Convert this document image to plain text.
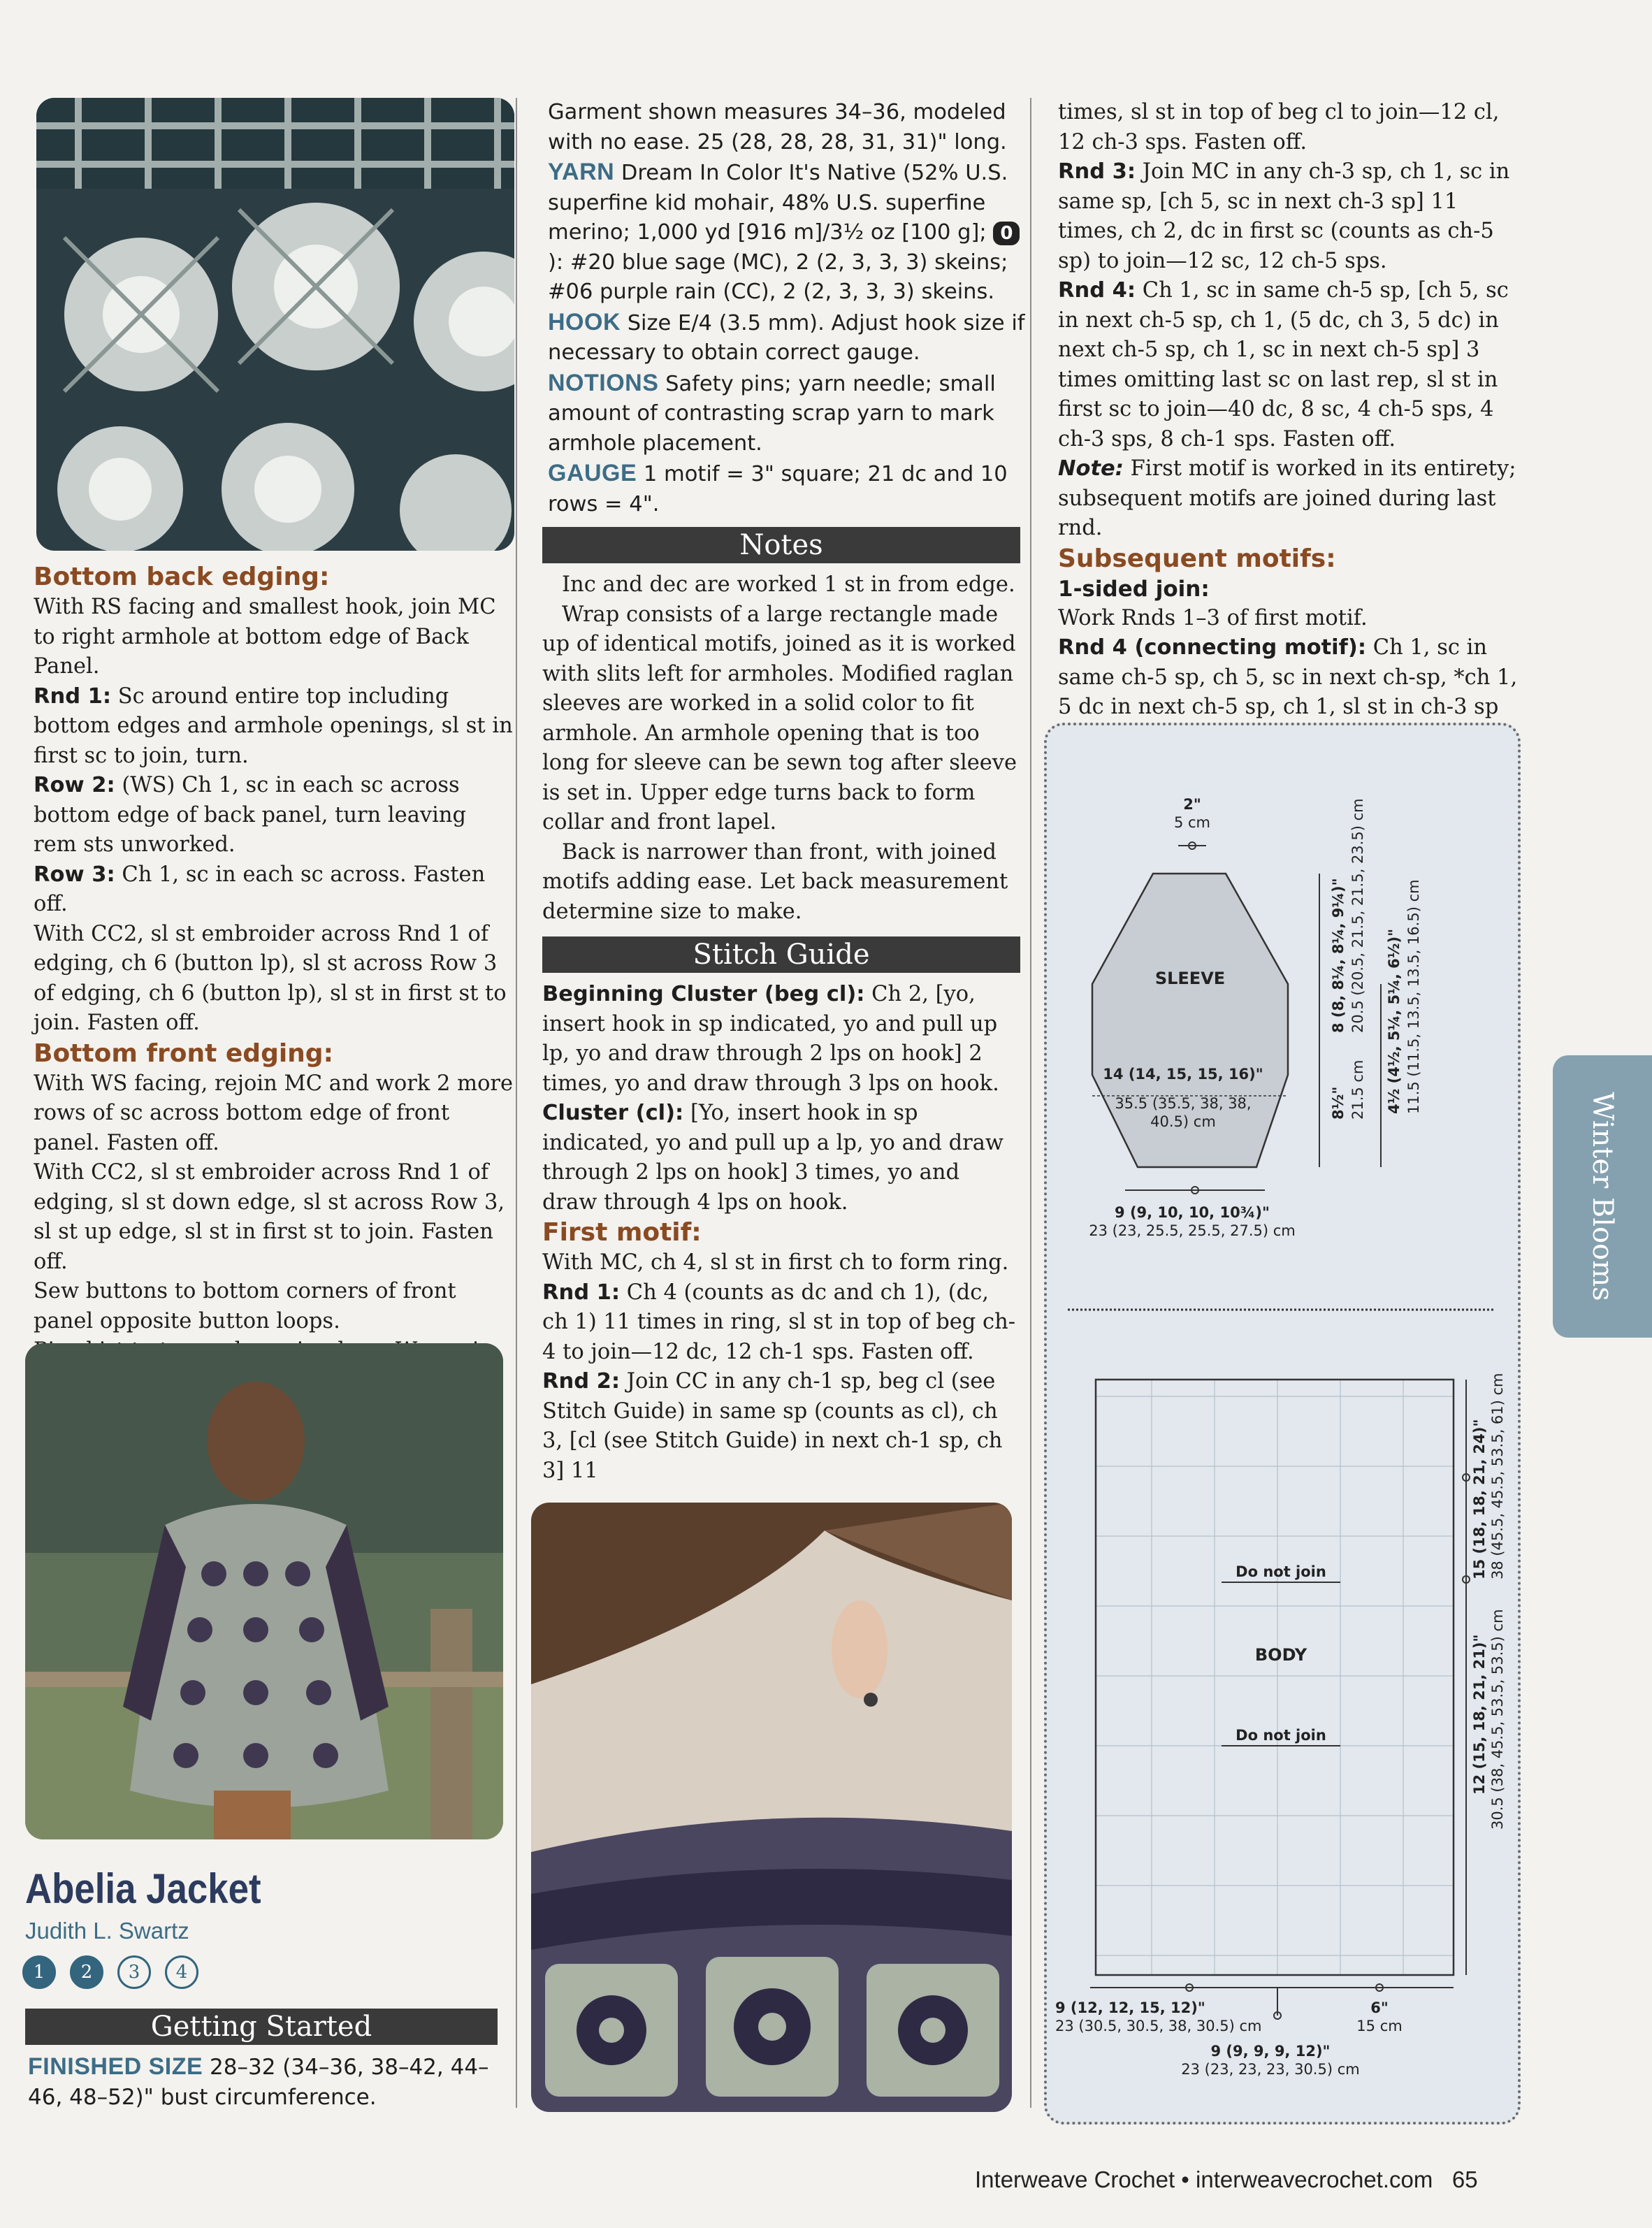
Bottom back edging:

With RS facing and smallest hook, join MC to right armhole at bottom edge of Back Panel.

Rnd 1: Sc around entire top including bottom edges and armhole openings, sl st in first sc to join, turn.

Row 2: (WS) Ch 1, sc in each sc across bottom edge of back panel, turn leaving rem sts unworked.

Row 3: Ch 1, sc in each sc across. Fasten off.

With CC2, sl st embroider across Rnd 1 of edging, ch 6 (button lp), sl st across Row 3 of edging, ch 6 (button lp), sl st in first st to join. Fasten off.

Bottom front edging:

With WS facing, rejoin MC and work 2 more rows of sc across bottom edge of front panel. Fasten off.

With CC2, sl st embroider across Rnd 1 of edging, sl st down edge, sl st across Row 3, sl st up edge, sl st in first st to join. Fasten off.

Sew buttons to bottom corners of front panel opposite button loops.

Abelia Jacket
Judith L. Swartz
1 2 3 4
Getting Started

FINISHED SIZE 28–32 (34–36, 38–42, 44–46, 48–52)" bust circumference.

Garment shown measures 34–36, modeled with no ease. 25 (28, 28, 28, 31, 31)" long.

YARN Dream In Color It's Native (52% U.S. superfine kid mohair, 48% U.S. superfine merino; 1,000 yd [916 m]/3½ oz [100 g]; 0): #20 blue sage (MC), 2 (2, 3, 3, 3) skeins; #06 purple rain (CC), 2 (2, 3, 3, 3) skeins.

HOOK Size E/4 (3.5 mm). Adjust hook size if necessary to obtain correct gauge.

NOTIONS Safety pins; yarn needle; small amount of contrasting scrap yarn to mark armhole placement.

GAUGE 1 motif = 3" square; 21 dc and 10 rows = 4".

Notes

Inc and dec are worked 1 st in from edge.

Wrap consists of a large rectangle made up of identical motifs, joined as it is worked with slits left for armholes. Modified raglan sleeves are worked in a solid color to fit armhole. An armhole opening that is too long for sleeve can be sewn tog after sleeve is set in. Upper edge turns back to form collar and front lapel.

Back is narrower than front, with joined motifs adding ease. Let back measurement determine size to make.

Stitch Guide

Beginning Cluster (beg cl): Ch 2, [yo, insert hook in sp indicated, yo and pull up lp, yo and draw through 2 lps on hook] 2 times, yo and draw through 3 lps on hook.

Cluster (cl): [Yo, insert hook in sp indicated, yo and pull up a lp, yo and draw through 2 lps on hook] 3 times, yo and draw through 4 lps on hook.

First motif:

With MC, ch 4, sl st in first ch to form ring.

Rnd 1: Ch 4 (counts as dc and ch 1), (dc, ch 1) 11 times in ring, sl st in top of beg ch-4 to join—12 dc, 12 ch-1 sps. Fasten off.

Rnd 2: Join CC in any ch-1 sp, beg cl (see Stitch Guide) in same sp (counts as cl), ch 3, [cl (see Stitch Guide) in next ch-1 sp, ch 3] 11

times, sl st in top of beg cl to join—12 cl, 12 ch-3 sps. Fasten off.

Rnd 3: Join MC in any ch-3 sp, ch 1, sc in same sp, [ch 5, sc in next ch-3 sp] 11 times, ch 2, dc in first sc (counts as ch-5 sp) to join—12 sc, 12 ch-5 sps.

Rnd 4: Ch 1, sc in same ch-5 sp, [ch 5, sc in next ch-5 sp, ch 1, (5 dc, ch 3, 5 dc) in next ch-5 sp, ch 1, sc in next ch-5 sp] 3 times omitting last sc on last rep, sl st in first sc to join—40 dc, 8 sc, 4 ch-5 sps, 4 ch-3 sps, 8 ch-1 sps. Fasten off.

Note: First motif is worked in its entirety; subsequent motifs are joined during last rnd.

Subsequent motifs:

1-sided join:

Work Rnds 1–3 of first motif.

Rnd 4 (connecting motif): Ch 1, sc in same ch-5 sp, ch 5, sc in next ch-sp, *ch 1, 5 dc in next ch-5 sp, ch 1, sl st in ch-3 sp

SLEEVE
2"
5 cm
14 (14, 15, 15, 16)"
35.5 (35.5, 38, 38,
40.5) cm
9 (9, 10, 10, 10¾)"
23 (23, 25.5, 25.5, 27.5) cm
8 (8, 8¼, 8¼, 9¼)" 20.5 (20.5, 21.5, 21.5, 23.5) cm
8½" 21.5 cm 4½ (4½, 5¼, 5¼, 6½)" 11.5 (11.5, 13.5, 13.5, 16.5) cm
BODY
Do not join
Do not join
15 (18, 18, 21, 24)" 38 (45.5, 45.5, 53.5, 61) cm
12 (15, 18, 21, 21)" 30.5 (38, 45.5, 53.5, 53.5) cm
9 (12, 12, 15, 12)"
23 (30.5, 30.5, 38, 30.5) cm
6"
15 cm
9 (9, 9, 9, 12)"
23 (23, 23, 23, 30.5) cm
Winter Blooms
Interweave Crochet • interweavecrochet.com 65
